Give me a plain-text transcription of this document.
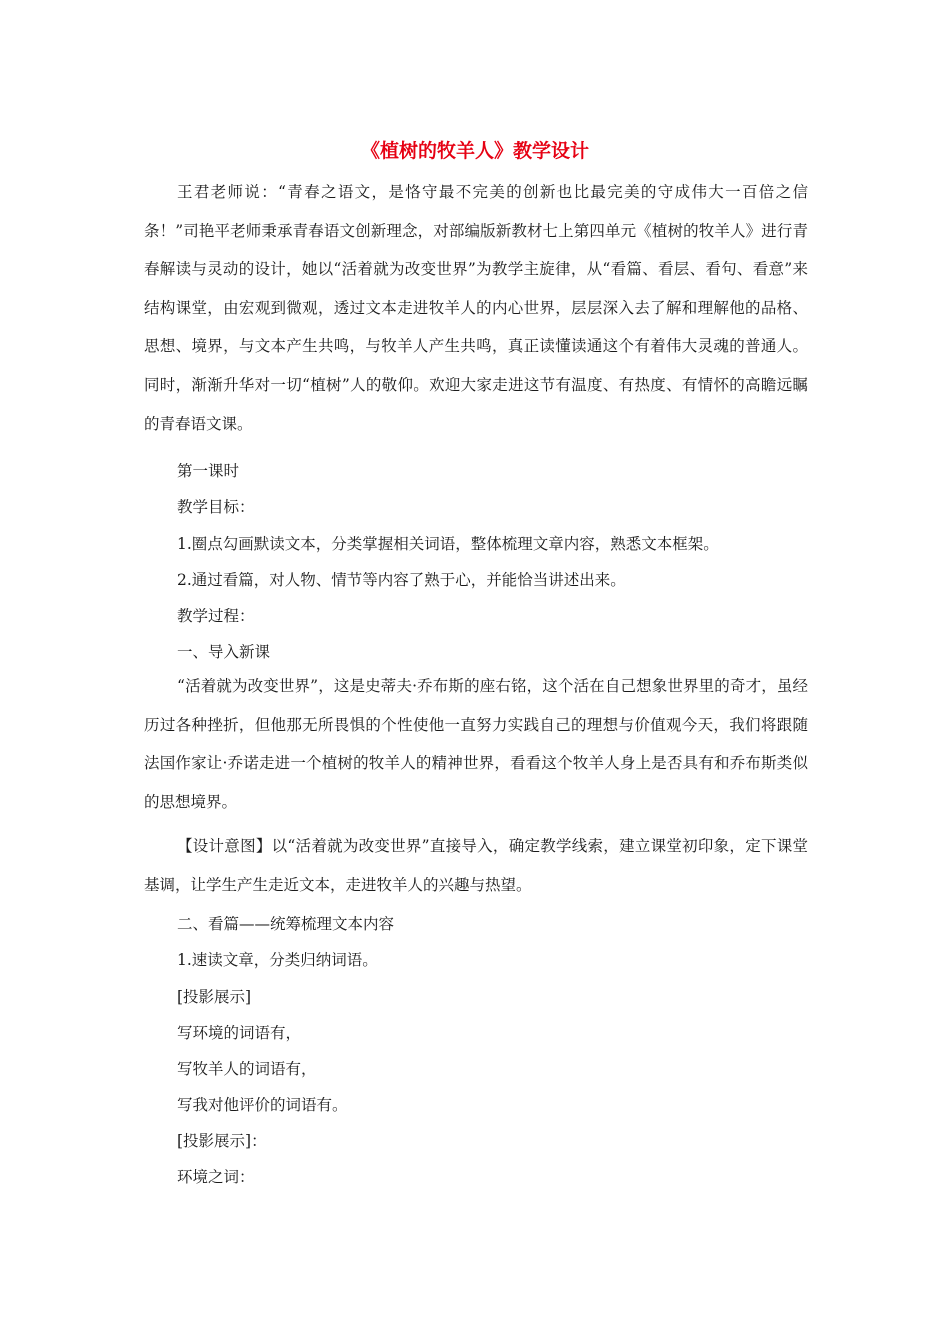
《植树的牧羊人》教学设计

王君老师说：“青春之语文，是恪守最不完美的创新也比最完美的守成伟大一百倍之信条！”司艳平老师秉承青春语文创新理念，对部编版新教材七上第四单元《植树的牧羊人》进行青春解读与灵动的设计，她以“活着就为改变世界”为教学主旋律，从“看篇、看层、看句、看意”来结构课堂，由宏观到微观，透过文本走进牧羊人的内心世界，层层深入去了解和理解他的品格、思想、境界，与文本产生共鸣，与牧羊人产生共鸣，真正读懂读通这个有着伟大灵魂的普通人。同时，渐渐升华对一切“植树”人的敬仰。欢迎大家走进这节有温度、有热度、有情怀的高瞻远瞩的青春语文课。

第一课时

教学目标：

1.圈点勾画默读文本，分类掌握相关词语，整体梳理文章内容，熟悉文本框架。

2.通过看篇，对人物、情节等内容了熟于心，并能恰当讲述出来。

教学过程：

一、导入新课

“活着就为改变世界”，这是史蒂夫·乔布斯的座右铭，这个活在自己想象世界里的奇才，虽经历过各种挫折，但他那无所畏惧的个性使他一直努力实践自己的理想与价值观今天，我们将跟随法国作家让·乔诺走进一个植树的牧羊人的精神世界，看看这个牧羊人身上是否具有和乔布斯类似的思想境界。

【设计意图】以“活着就为改变世界”直接导入，确定教学线索，建立课堂初印象，定下课堂基调，让学生产生走近文本，走进牧羊人的兴趣与热望。

二、看篇——统筹梳理文本内容

1.速读文章，分类归纳词语。

[投影展示]

写环境的词语有，

写牧羊人的词语有，

写我对他评价的词语有。

[投影展示]：

环境之词：
